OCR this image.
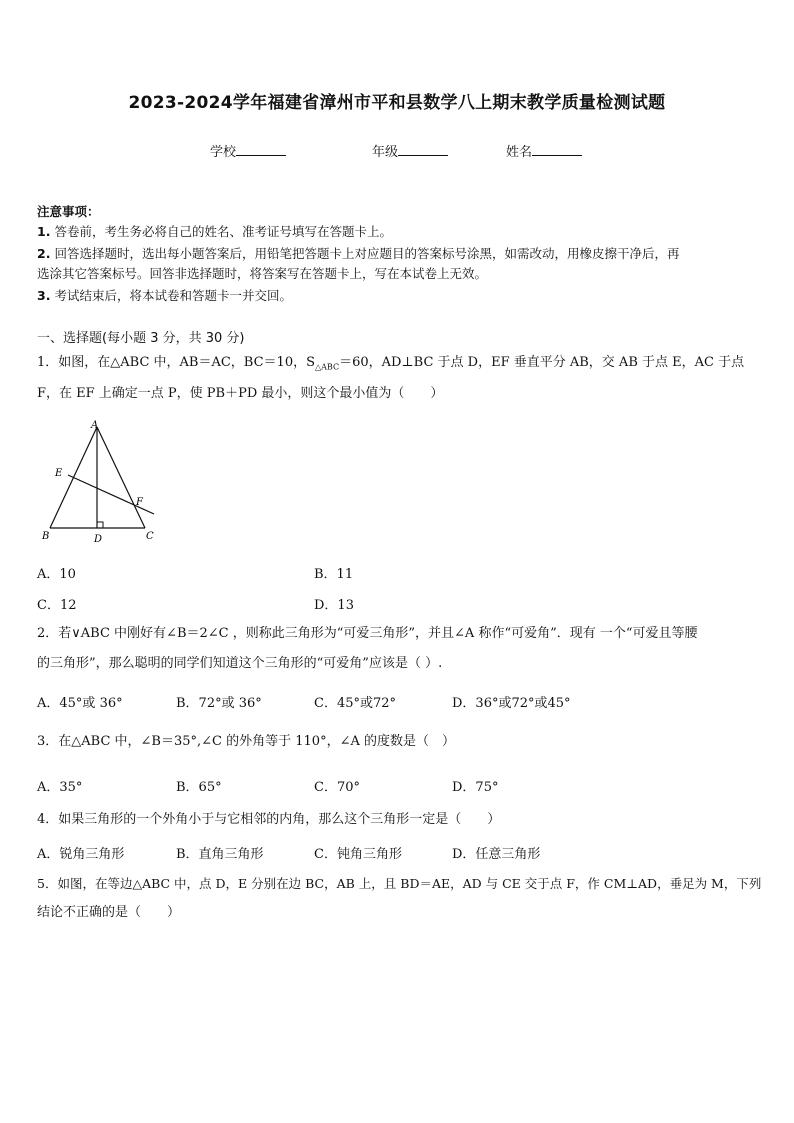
2023-2024学年福建省漳州市平和县数学八上期末教学质量检测试题
学校	年级	姓名
注意事项：
1. 答卷前，考生务必将自己的姓名、准考证号填写在答题卡上。
2. 回答选择题时，选出每小题答案后，用铅笔把答题卡上对应题目的答案标号涂黑，如需改动，用橡皮擦干净后，再
选涂其它答案标号。回答非选择题时，将答案写在答题卡上，写在本试卷上无效。
3. 考试结束后，将本试卷和答题卡一并交回。
一、选择题(每小题 3 分，共 30 分)
1．如图，在△ABC 中，AB＝AC，BC＝10，$S_{\triangle ABC}=60$，AD⊥BC 于点 D，EF 垂直平分 AB，交 AB 于点 E，AC 于点
F，在 EF 上确定一点 P，使 PB＋PD 最小，则这个最小值为（　　）
A
B	C
D
E
F
A．10	B．11
C．12	D．13
2．若∨ABC 中刚好有∠B＝2∠C ，则称此三角形为“可爱三角形”，并且∠A 称作“可爱角”．现有 一个“可爱且等腰
的三角形”，那么聪明的同学们知道这个三角形的“可爱角”应该是（ ）.
A．45°或 36°	B．72°或 36°	C．45°或72°	D．36°或72°或45°
3．在△ABC 中，∠B＝35°,∠C 的外角等于 110°，∠A 的度数是（　）
A．35°	B．65°	C．70°	D．75°
4．如果三角形的一个外角小于与它相邻的内角，那么这个三角形一定是（　　）
A．锐角三角形	B．直角三角形	C．钝角三角形	D．任意三角形
5．如图，在等边△ABC 中，点 D，E 分别在边 BC，AB 上，且 BD＝AE，AD 与 CE 交于点 F，作 CM⊥AD，垂足为 M，下列
结论不正确的是（　　）
